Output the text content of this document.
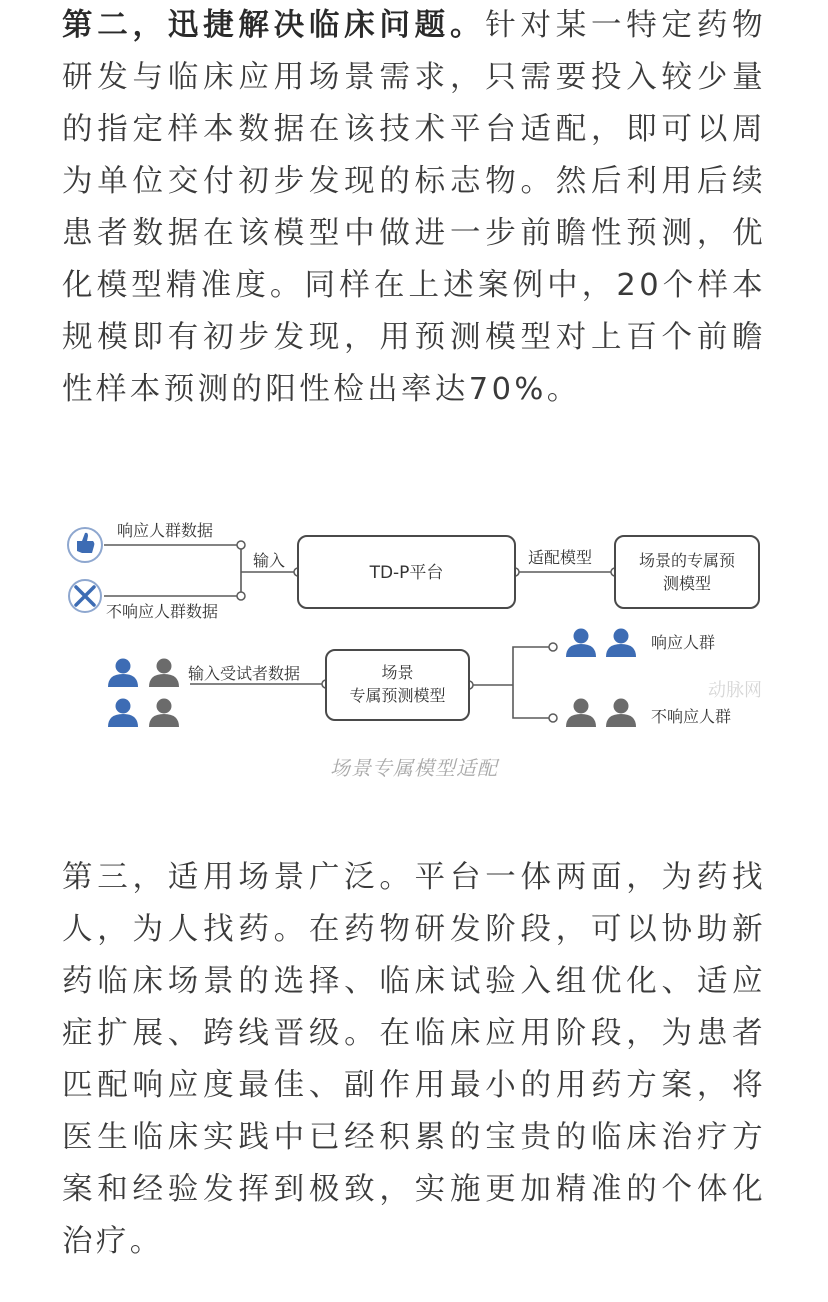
第二，迅捷解决临床问题。针对某一特定药物研发与临床应用场景需求，只需要投入较少量的指定样本数据在该技术平台适配，即可以周为单位交付初步发现的标志物。然后利用后续患者数据在该模型中做进一步前瞻性预测，优化模型精准度。同样在上述案例中，20个样本规模即有初步发现，用预测模型对上百个前瞻性样本预测的阳性检出率达70%。

响应人群数据
不响应人群数据
输入	适配模型
TD-P平台
场景的专属预
测模型
场景
专属预测模型
输入受试者数据
响应人群
动脉网
不响应人群
场景专属模型适配

第三，适用场景广泛。平台一体两面，为药找人，为人找药。在药物研发阶段，可以协助新药临床场景的选择、临床试验入组优化、适应症扩展、跨线晋级。在临床应用阶段，为患者匹配响应度最佳、副作用最小的用药方案，将医生临床实践中已经积累的宝贵的临床治疗方案和经验发挥到极致，实施更加精准的个体化治疗。
